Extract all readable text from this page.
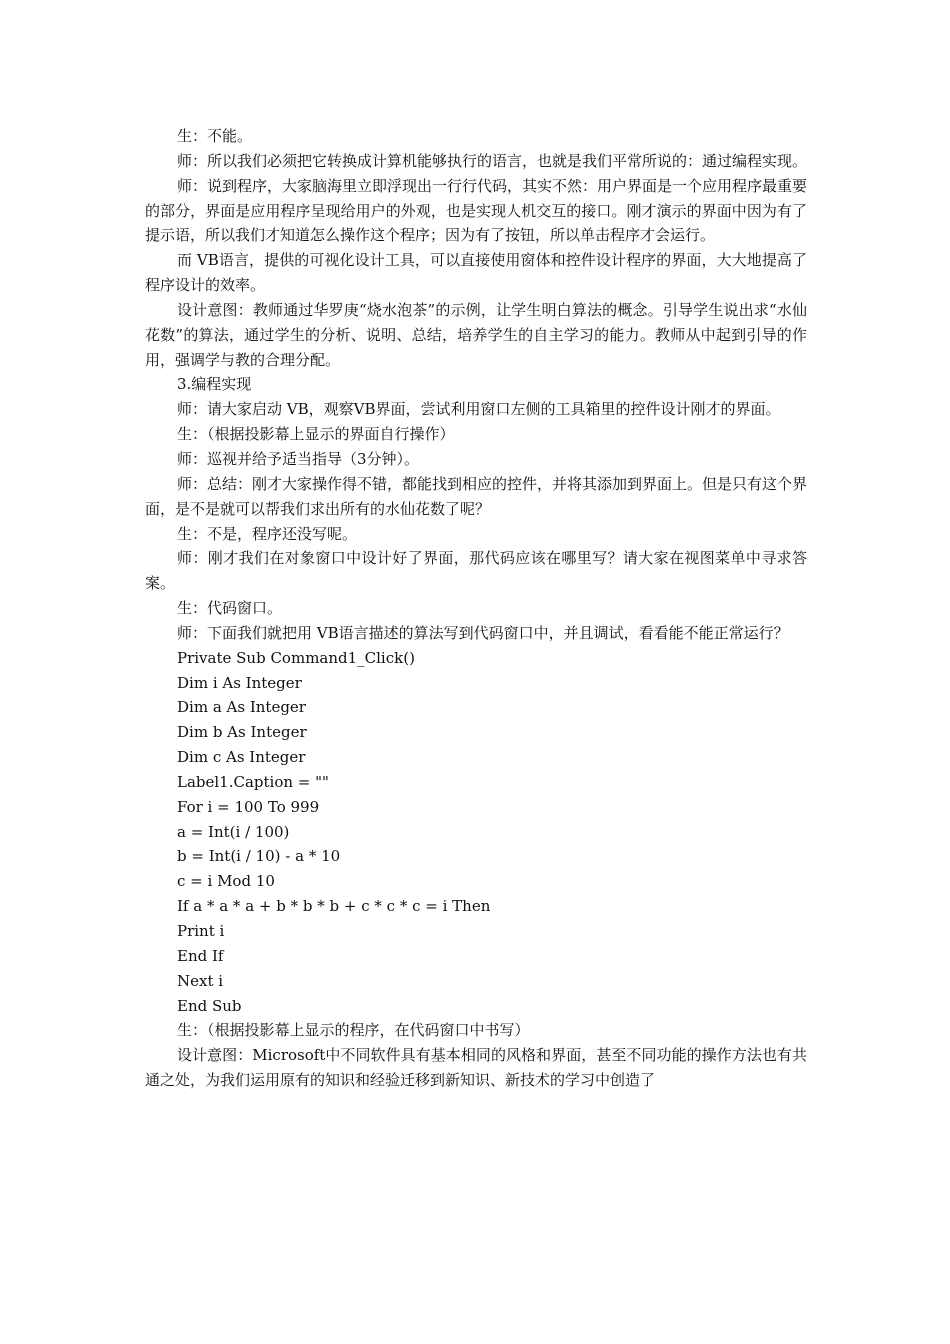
生：不能。

师：所以我们必须把它转换成计算机能够执行的语言，也就是我们平常所说的：通过编程实现。

师：说到程序，大家脑海里立即浮现出一行行代码，其实不然：用户界面是一个应用程序最重要的部分，界面是应用程序呈现给用户的外观，也是实现人机交互的接口。刚才演示的界面中因为有了提示语，所以我们才知道怎么操作这个程序；因为有了按钮，所以单击程序才会运行。

而 VB语言，提供的可视化设计工具，可以直接使用窗体和控件设计程序的界面，大大地提高了程序设计的效率。

设计意图：教师通过华罗庚“烧水泡茶”的示例，让学生明白算法的概念。引导学生说出求“水仙花数”的算法，通过学生的分析、说明、总结，培养学生的自主学习的能力。教师从中起到引导的作用，强调学与教的合理分配。

3.编程实现

师：请大家启动 VB，观察VB界面，尝试利用窗口左侧的工具箱里的控件设计刚才的界面。

生：（根据投影幕上显示的界面自行操作）

师：巡视并给予适当指导（3分钟）。

师：总结：刚才大家操作得不错，都能找到相应的控件，并将其添加到界面上。但是只有这个界面，是不是就可以帮我们求出所有的水仙花数了呢？

生：不是，程序还没写呢。

师：刚才我们在对象窗口中设计好了界面，那代码应该在哪里写？请大家在视图菜单中寻求答案。

生：代码窗口。

师：下面我们就把用 VB语言描述的算法写到代码窗口中，并且调试，看看能不能正常运行？

Private Sub Command1_Click()
Dim i As Integer
Dim a As Integer
Dim b As Integer
Dim c As Integer
Label1.Caption = ""
For i = 100 To 999
a = Int(i / 100)
b = Int(i / 10) - a * 10
c = i Mod 10
If a * a * a + b * b * b + c * c * c = i Then
Print i
End If
Next i
End Sub

生：（根据投影幕上显示的程序，在代码窗口中书写）

设计意图：Microsoft中不同软件具有基本相同的风格和界面，甚至不同功能的操作方法也有共通之处，为我们运用原有的知识和经验迁移到新知识、新技术的学习中创造了
